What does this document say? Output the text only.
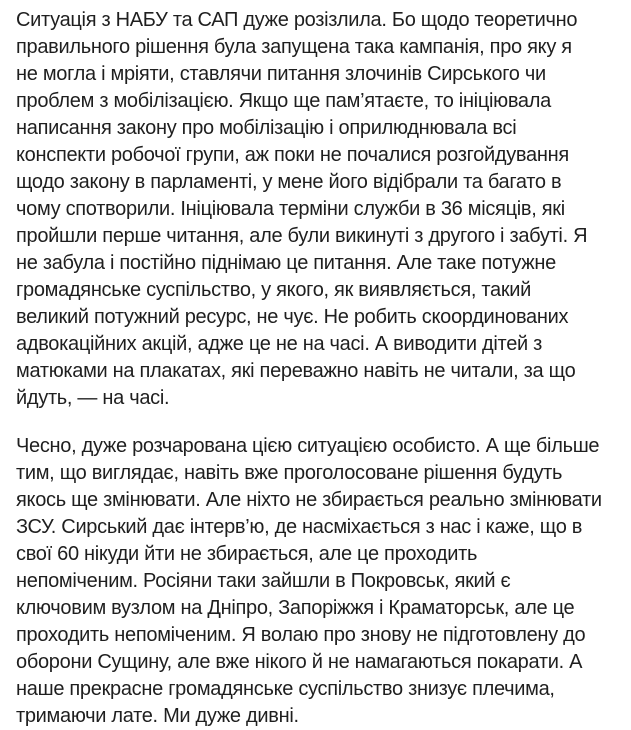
Ситуація з НАБУ та САП дуже розізлила. Бо щодо теоретично
правильного рішення була запущена така кампанія, про яку я
не могла і мріяти, ставлячи питання злочинів Сирського чи
проблем з мобілізацією. Якщо ще пам’ятаєте, то ініціювала
написання закону про мобілізацію і оприлюднювала всі
конспекти робочої групи, аж поки не почалися розгойдування
щодо закону в парламенті, у мене його відібрали та багато в
чому спотворили. Ініціювала терміни служби в 36 місяців, які
пройшли перше читання, але були викинуті з другого і забуті. Я
не забула і постійно піднімаю це питання. Але таке потужне
громадянське суспільство, у якого, як виявляється, такий
великий потужний ресурс, не чує. Не робить скоординованих
адвокаційних акцій, адже це не на часі. А виводити дітей з
матюками на плакатах, які переважно навіть не читали, за що
йдуть, — на часі.
Чесно, дуже розчарована цією ситуацією особисто. А ще більше
тим, що виглядає, навіть вже проголосоване рішення будуть
якось ще змінювати. Але ніхто не збирається реально змінювати
ЗСУ. Сирський дає інтерв’ю, де насміхається з нас і каже, що в
свої 60 нікуди йти не збирається, але це проходить
непоміченим. Росіяни таки зайшли в Покровськ, який є
ключовим вузлом на Дніпро, Запоріжжя і Краматорськ, але це
проходить непоміченим. Я волаю про знову не підготовлену до
оборони Сущину, але вже нікого й не намагаються покарати. А
наше прекрасне громадянське суспільство знизує плечима,
тримаючи лате. Ми дуже дивні.
